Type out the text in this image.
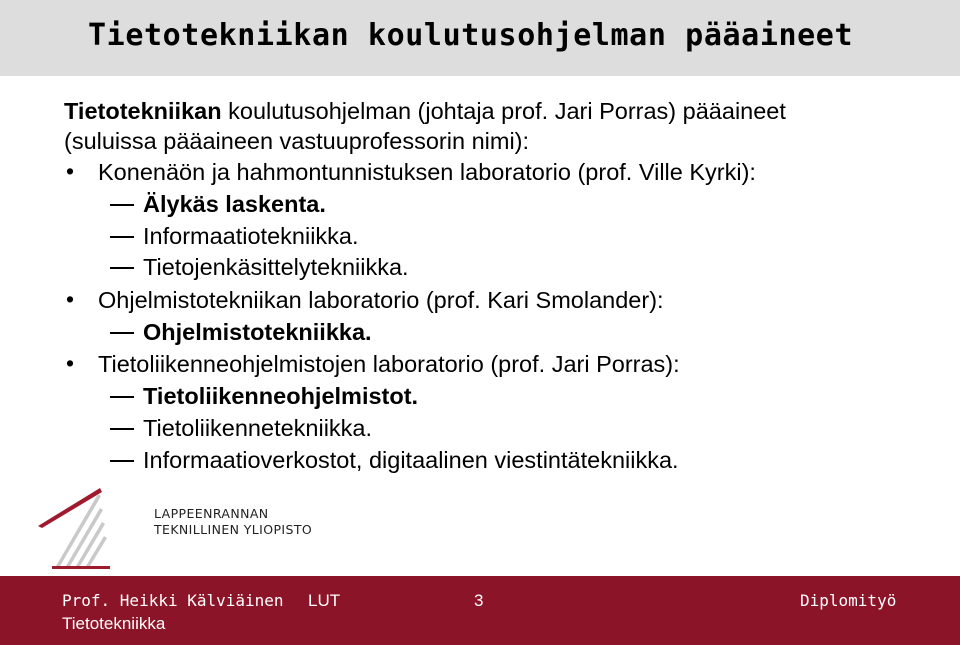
Tietotekniikan koulutusohjelman pääaineet
Tietotekniikan koulutusohjelman (johtaja prof. Jari Porras) pääaineet
(suluissa pääaineen vastuuprofessorin nimi):
• Konenäön ja hahmontunnistuksen laboratorio (prof. Ville Kyrki):
Älykäs laskenta.
Informaatiotekniikka.
Tietojenkäsittelytekniikka.
• Ohjelmistotekniikan laboratorio (prof. Kari Smolander):
Ohjelmistotekniikka.
• Tietoliikenneohjelmistojen laboratorio (prof. Jari Porras):
Tietoliikenneohjelmistot.
Tietoliikennetekniikka.
Informaatioverkostot, digitaalinen viestintätekniikka.
LAPPEENRANNAN
TEKNILLINEN YLIOPISTO
Prof. Heikki Kälviäinen
Tietotekniikka
LUT	3	Diplomityö
